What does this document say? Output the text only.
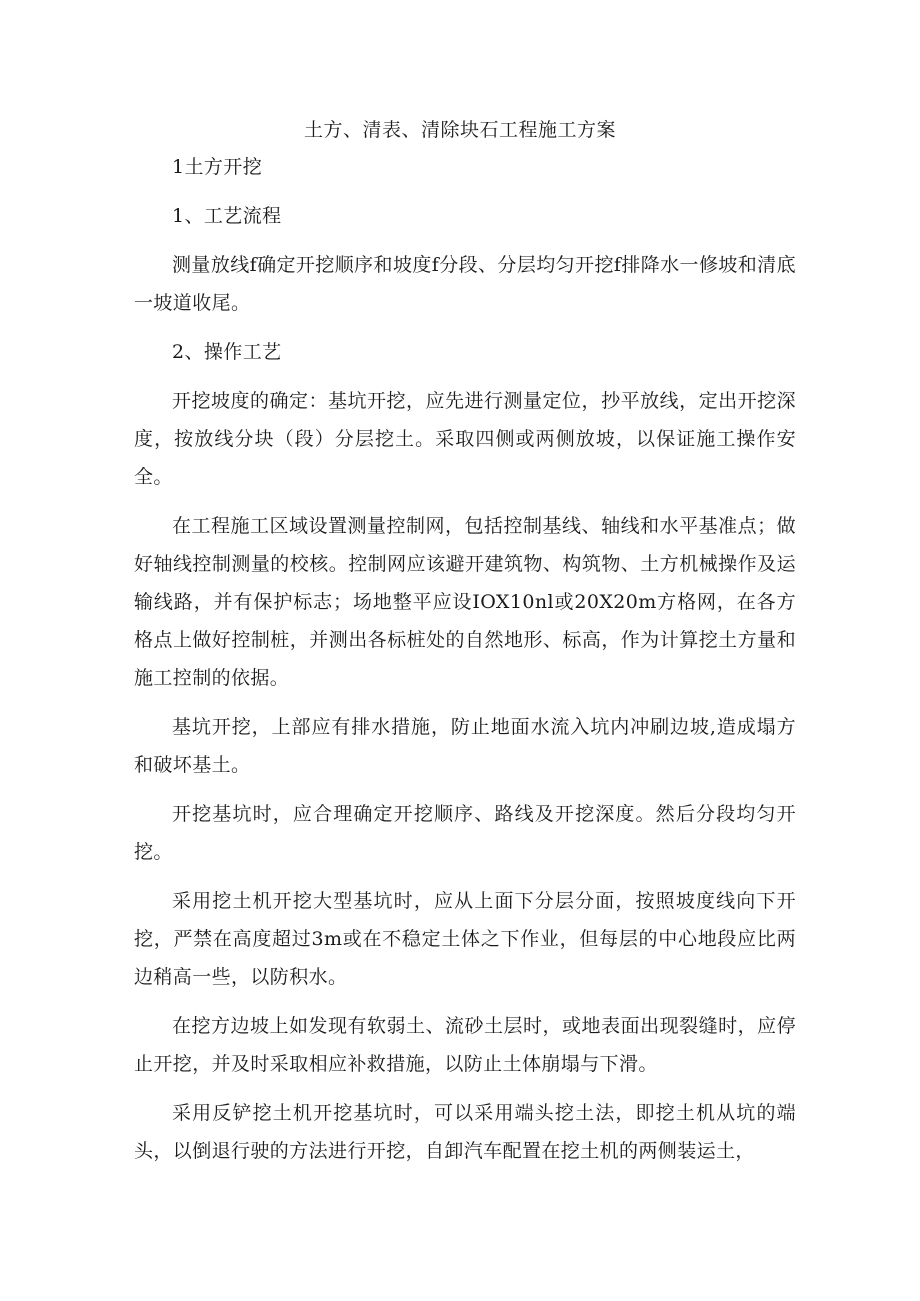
土方、清表、清除块石工程施工方案

1土方开挖

1、工艺流程

测量放线f确定开挖顺序和坡度f分段、分层均匀开挖f排降水一修坡和清底一坡道收尾。

2、操作工艺

开挖坡度的确定：基坑开挖，应先进行测量定位，抄平放线，定出开挖深度，按放线分块（段）分层挖土。采取四侧或两侧放坡，以保证施工操作安全。

在工程施工区域设置测量控制网，包括控制基线、轴线和水平基准点；做好轴线控制测量的校核。控制网应该避开建筑物、构筑物、土方机械操作及运输线路，并有保护标志；场地整平应设IOX10nl或20X20m方格网，在各方格点上做好控制桩，并测出各标桩处的自然地形、标高，作为计算挖土方量和施工控制的依据。

基坑开挖，上部应有排水措施，防止地面水流入坑内冲刷边坡,造成塌方和破坏基土。

开挖基坑时，应合理确定开挖顺序、路线及开挖深度。然后分段均匀开挖。

采用挖土机开挖大型基坑时，应从上面下分层分面，按照坡度线向下开挖，严禁在高度超过3m或在不稳定土体之下作业，但每层的中心地段应比两边稍高一些，以防积水。

在挖方边坡上如发现有软弱土、流砂土层时，或地表面出现裂缝时，应停止开挖，并及时采取相应补救措施，以防止土体崩塌与下滑。

采用反铲挖土机开挖基坑时，可以采用端头挖土法，即挖土机从坑的端头，以倒退行驶的方法进行开挖，自卸汽车配置在挖土机的两侧装运土，
